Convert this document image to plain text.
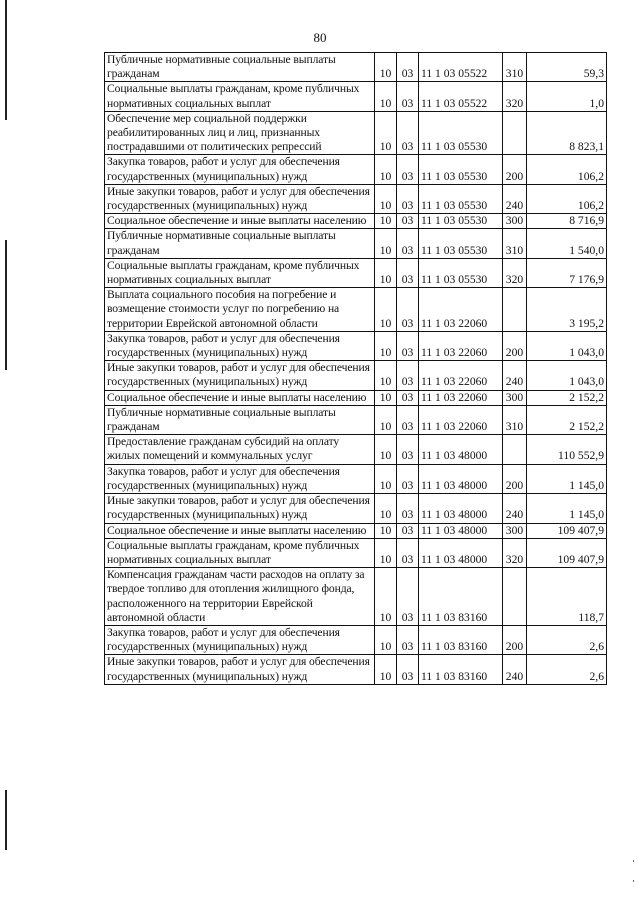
80
Публичные нормативные социальные выплаты гражданам	10	03	11 1 03 05522	310	59,3
Социальные выплаты гражданам, кроме публичных нормативных социальных выплат	10	03	11 1 03 05522	320	1,0
Обеспечение мер социальной поддержки реабилитированных лиц и лиц, признанных пострадавшими от политических репрессий	10	03	11 1 03 05530		8 823,1
Закупка товаров, работ и услуг для обеспечения государственных (муниципальных) нужд	10	03	11 1 03 05530	200	106,2
Иные закупки товаров, работ и услуг для обеспечения государственных (муниципальных) нужд	10	03	11 1 03 05530	240	106,2
Социальное обеспечение и иные выплаты населению	10	03	11 1 03 05530	300	8 716,9
Публичные нормативные социальные выплаты гражданам	10	03	11 1 03 05530	310	1 540,0
Социальные выплаты гражданам, кроме публичных нормативных социальных выплат	10	03	11 1 03 05530	320	7 176,9
Выплата социального пособия на погребение и возмещение стоимости услуг по погребению на территории Еврейской автономной области	10	03	11 1 03 22060		3 195,2
Закупка товаров, работ и услуг для обеспечения государственных (муниципальных) нужд	10	03	11 1 03 22060	200	1 043,0
Иные закупки товаров, работ и услуг для обеспечения государственных (муниципальных) нужд	10	03	11 1 03 22060	240	1 043,0
Социальное обеспечение и иные выплаты населению	10	03	11 1 03 22060	300	2 152,2
Публичные нормативные социальные выплаты гражданам	10	03	11 1 03 22060	310	2 152,2
Предоставление гражданам субсидий на оплату жилых помещений и коммунальных услуг	10	03	11 1 03 48000		110 552,9
Закупка товаров, работ и услуг для обеспечения государственных (муниципальных) нужд	10	03	11 1 03 48000	200	1 145,0
Иные закупки товаров, работ и услуг для обеспечения государственных (муниципальных) нужд	10	03	11 1 03 48000	240	1 145,0
Социальное обеспечение и иные выплаты населению	10	03	11 1 03 48000	300	109 407,9
Социальные выплаты гражданам, кроме публичных нормативных социальных выплат	10	03	11 1 03 48000	320	109 407,9
Компенсация гражданам части расходов на оплату за твердое топливо для отопления жилищного фонда, расположенного на территории Еврейской автономной области	10	03	11 1 03 83160		118,7
Закупка товаров, работ и услуг для обеспечения государственных (муниципальных) нужд	10	03	11 1 03 83160	200	2,6
Иные закупки товаров, работ и услуг для обеспечения государственных (муниципальных) нужд	10	03	11 1 03 83160	240	2,6
